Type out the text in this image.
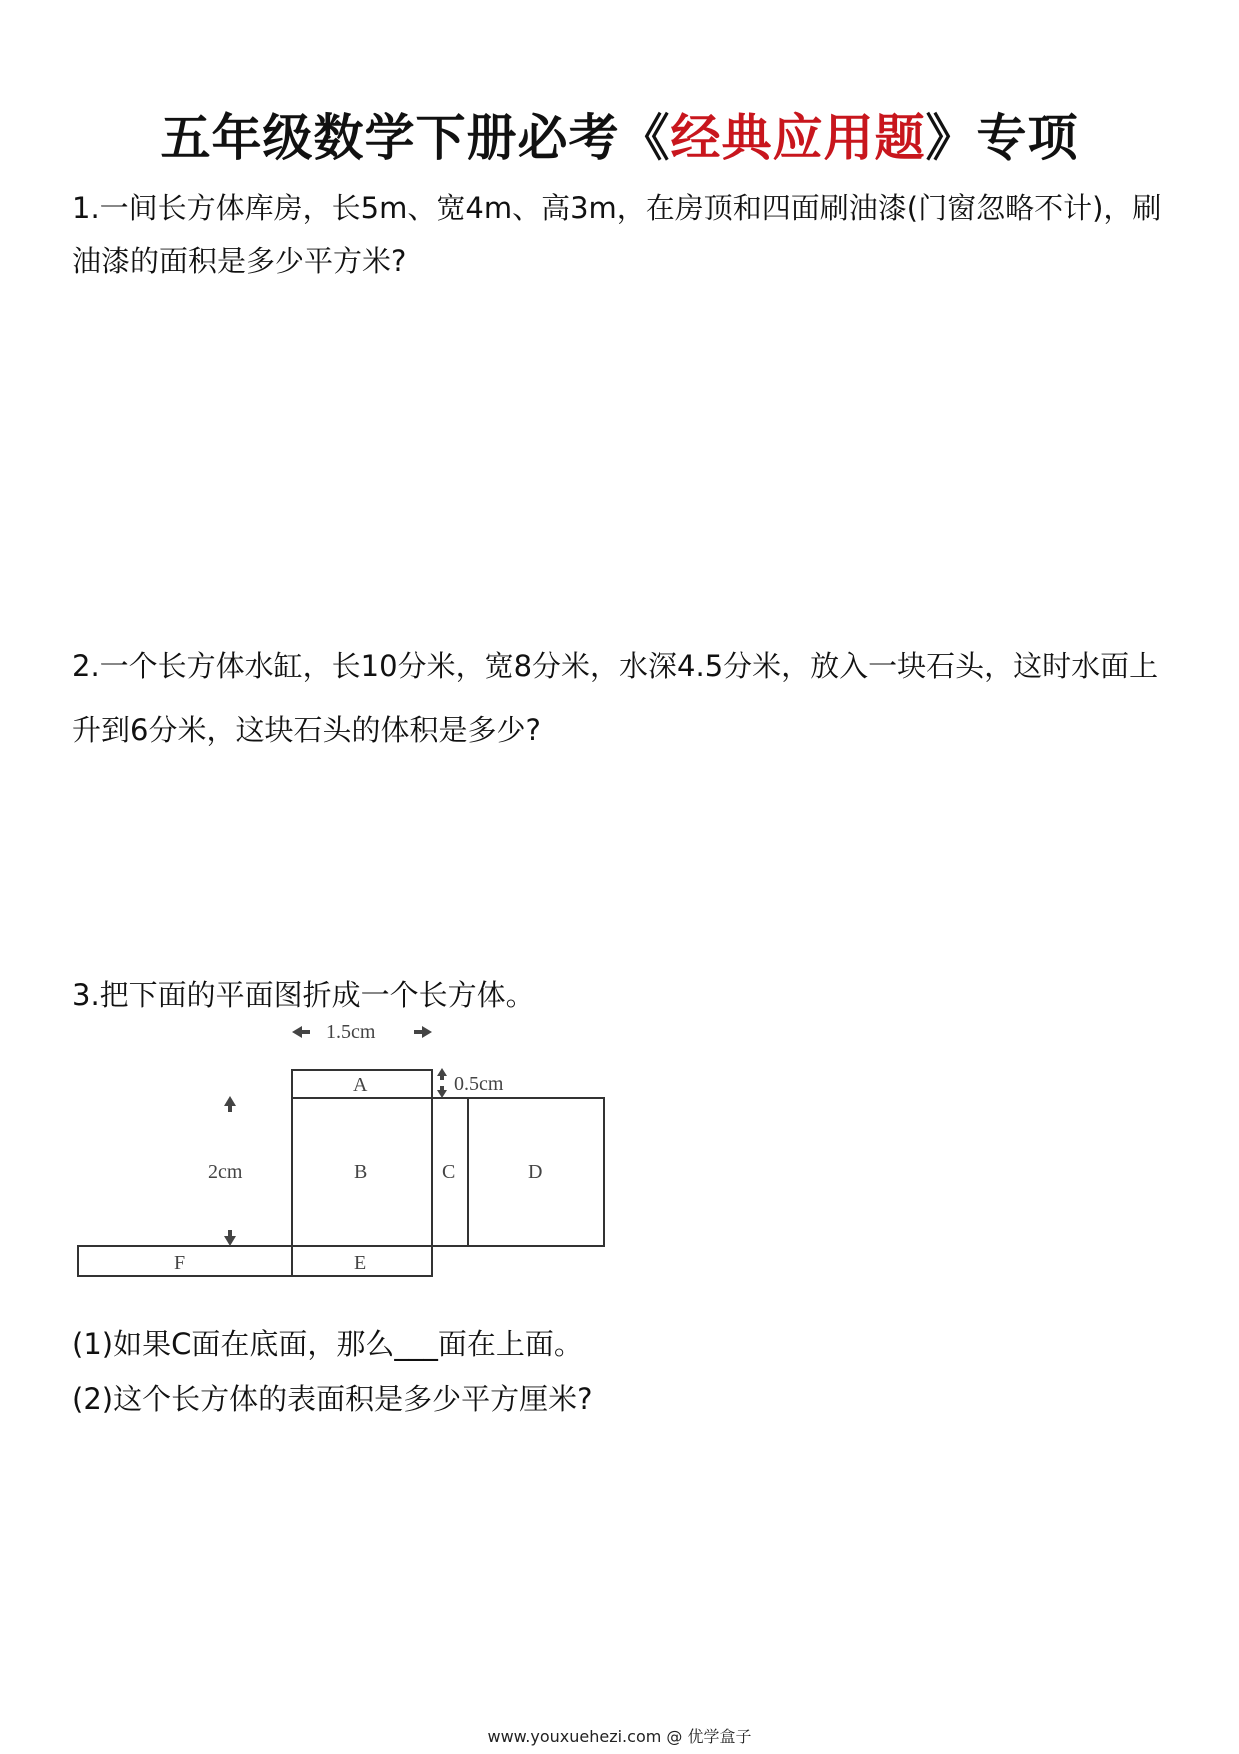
五年级数学下册必考《经典应用题》专项
1.一间长方体库房，长5m、宽4m、高3m，在房顶和四面刷油漆(门窗忽略不计)，刷油漆的面积是多少平方米?
2.一个长方体水缸，长10分米，宽8分米，水深4.5分米，放入一块石头，这时水面上升到6分米，这块石头的体积是多少?
3.把下面的平面图折成一个长方体。
1.5cm
2cm
0.5cm
A
B	C	D
E
F
(1)如果C面在底面，那么___面在上面。
(2)这个长方体的表面积是多少平方厘米?
www.youxuehezi.com @ 优学盒子
